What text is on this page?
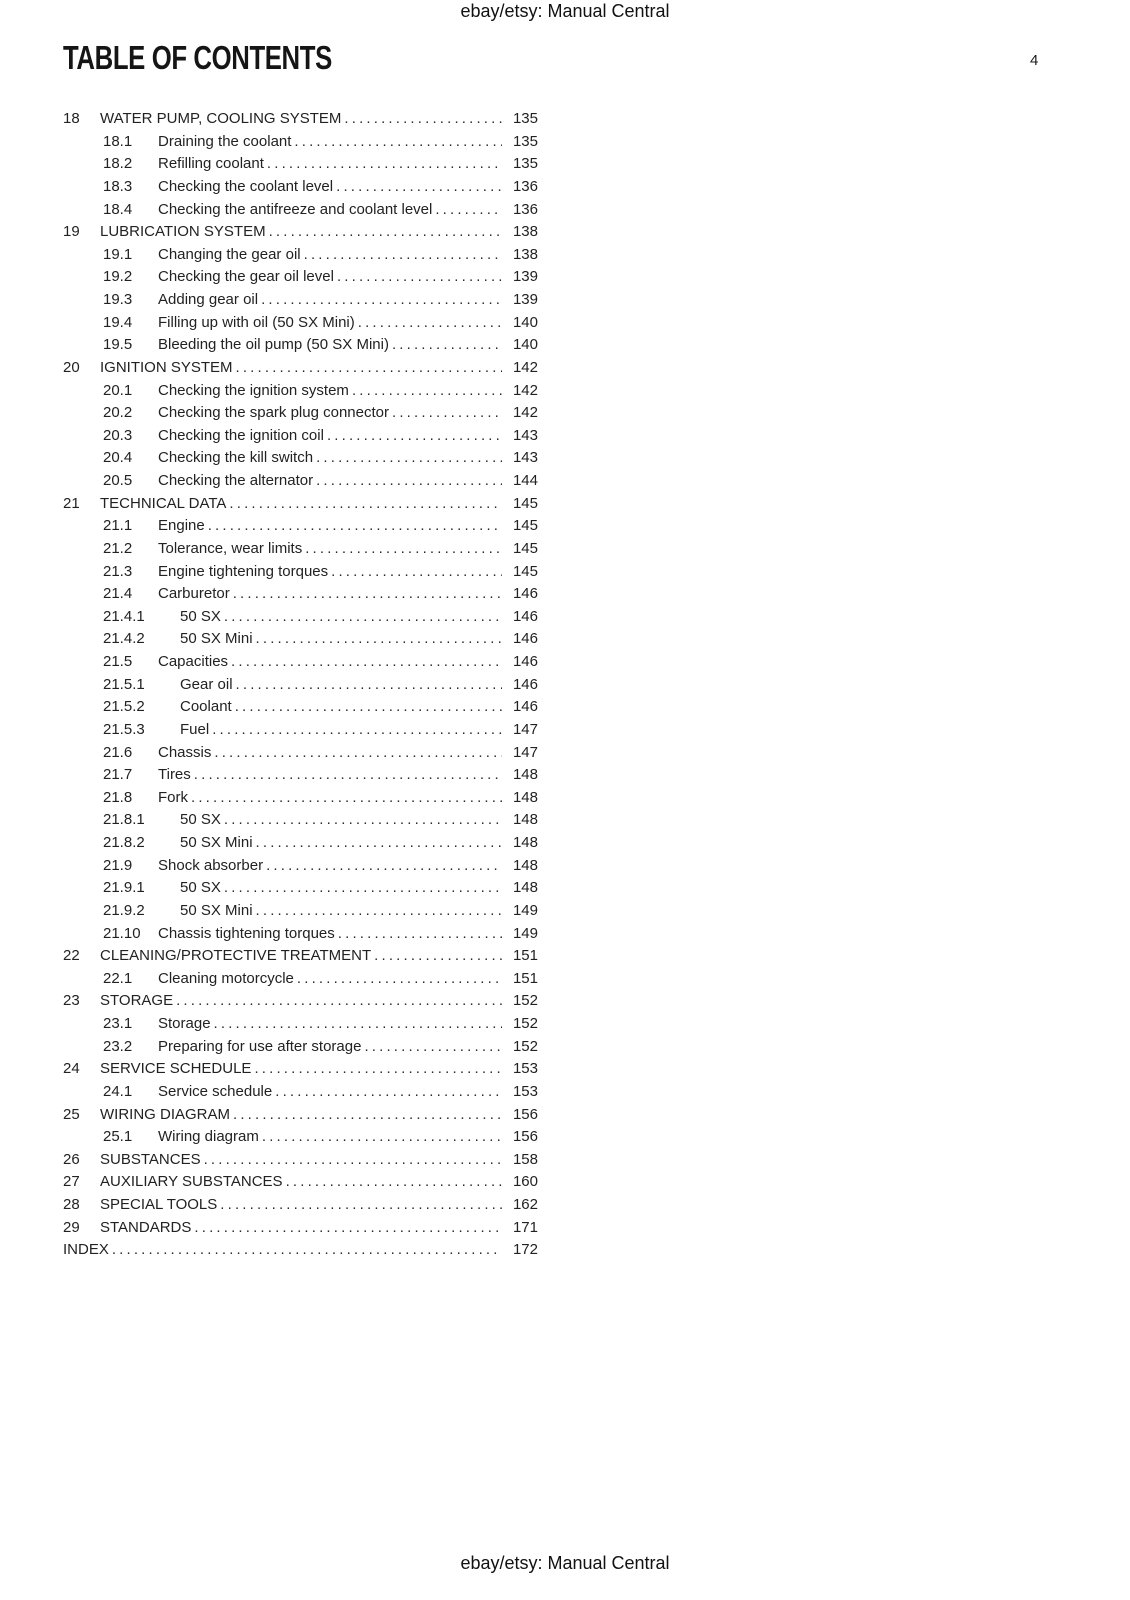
ebay/etsy: Manual Central
TABLE OF CONTENTS	4
18	WATER PUMP, COOLING SYSTEM . . .	135
18.1	Draining the coolant . . .	135
18.2	Refilling coolant . . .	135
18.3	Checking the coolant level . . .	136
18.4	Checking the antifreeze and coolant level . . .	136
19	LUBRICATION SYSTEM . . .	138
19.1	Changing the gear oil . . .	138
19.2	Checking the gear oil level . . .	139
19.3	Adding gear oil . . .	139
19.4	Filling up with oil (50 SX Mini) . . .	140
19.5	Bleeding the oil pump (50 SX Mini) . . .	140
20	IGNITION SYSTEM . . .	142
20.1	Checking the ignition system . . .	142
20.2	Checking the spark plug connector . . .	142
20.3	Checking the ignition coil . . .	143
20.4	Checking the kill switch . . .	143
20.5	Checking the alternator . . .	144
21	TECHNICAL DATA . . .	145
21.1	Engine . . .	145
21.2	Tolerance, wear limits . . .	145
21.3	Engine tightening torques . . .	145
21.4	Carburetor . . .	146
21.4.1	50 SX . . .	146
21.4.2	50 SX Mini . . .	146
21.5	Capacities . . .	146
21.5.1	Gear oil . . .	146
21.5.2	Coolant . . .	146
21.5.3	Fuel . . .	147
21.6	Chassis . . .	147
21.7	Tires . . .	148
21.8	Fork . . .	148
21.8.1	50 SX . . .	148
21.8.2	50 SX Mini . . .	148
21.9	Shock absorber . . .	148
21.9.1	50 SX . . .	148
21.9.2	50 SX Mini . . .	149
21.10	Chassis tightening torques . . .	149
22	CLEANING/PROTECTIVE TREATMENT . . .	151
22.1	Cleaning motorcycle . . .	151
23	STORAGE . . .	152
23.1	Storage . . .	152
23.2	Preparing for use after storage . . .	152
24	SERVICE SCHEDULE . . .	153
24.1	Service schedule . . .	153
25	WIRING DIAGRAM . . .	156
25.1	Wiring diagram . . .	156
26	SUBSTANCES . . .	158
27	AUXILIARY SUBSTANCES . . .	160
28	SPECIAL TOOLS . . .	162
29	STANDARDS . . .	171
INDEX . . .	172
ebay/etsy: Manual Central
